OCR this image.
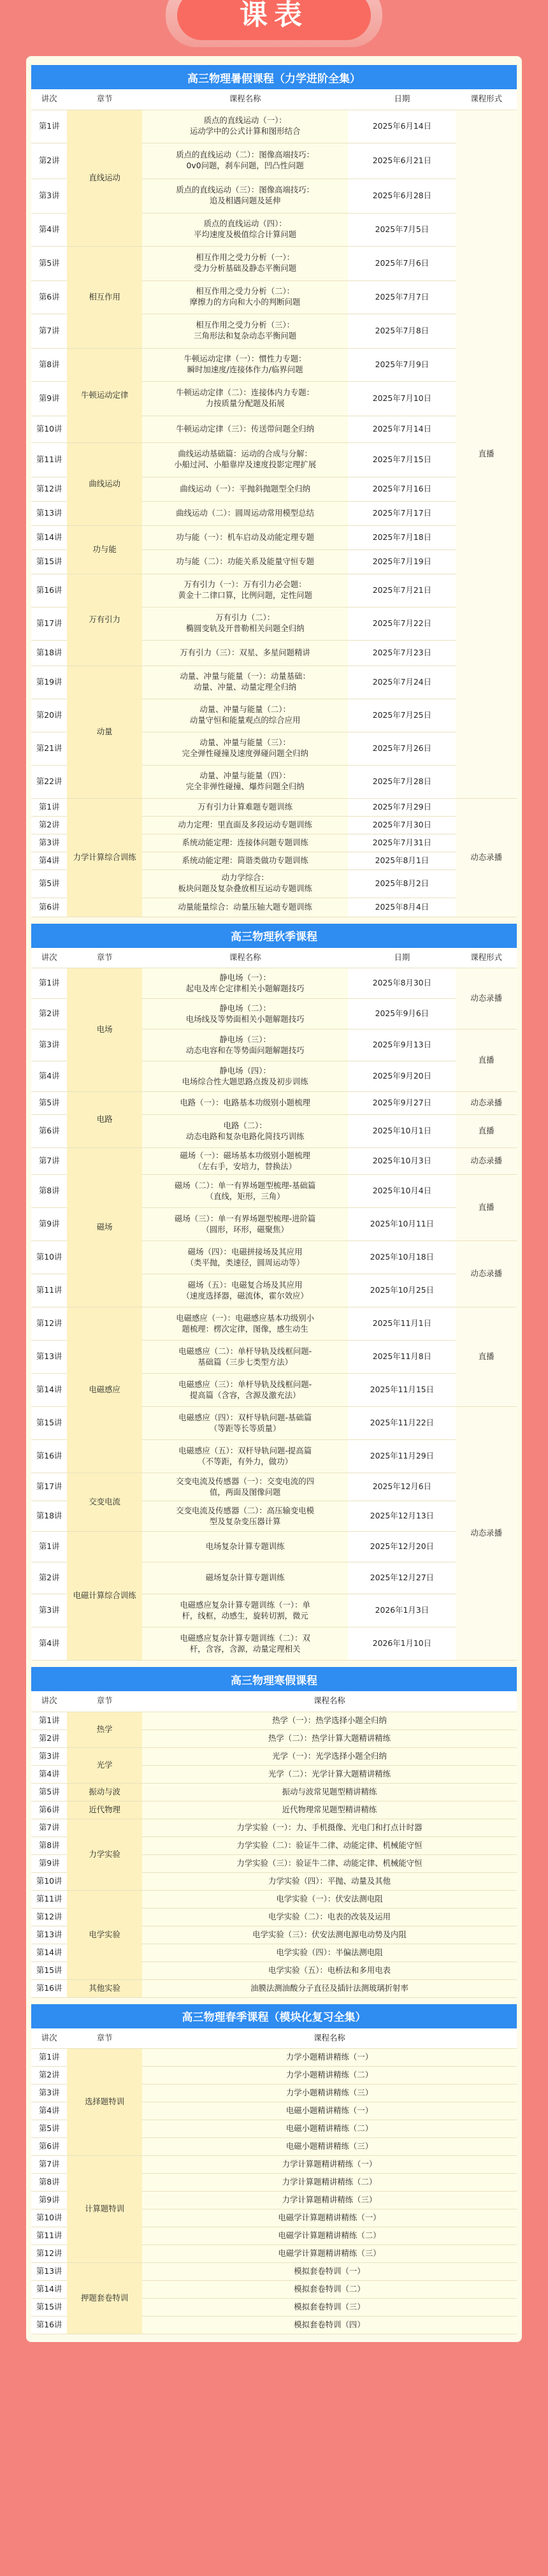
课表
高三物理暑假课程（力学进阶全集）
讲次	章节	课程名称	日期	课程形式
第1讲	直线运动	质点的直线运动（一）：
运动学中的公式计算和图形结合	2025年6月14日	直播
第2讲		质点的直线运动（二）：图像高端技巧：
0v0问题，刹车问题，凹凸性问题	2025年6月21日	
第3讲		质点的直线运动（三）：图像高端技巧：
追及相遇问题及延伸	2025年6月28日	
第4讲		质点的直线运动（四）：
平均速度及极值综合计算问题	2025年7月5日	
第5讲	相互作用	相互作用之受力分析（一）：
受力分析基础及静态平衡问题	2025年7月6日	
第6讲		相互作用之受力分析（二）：
摩擦力的方向和大小的判断问题	2025年7月7日	
第7讲		相互作用之受力分析（三）：
三角形法和复杂动态平衡问题	2025年7月8日	
第8讲	牛顿运动定律	牛顿运动定律（一）：惯性力专题：
瞬时加速度/连接体作力/临界问题	2025年7月9日	
第9讲		牛顿运动定律（二）：连接体内力专题：
力按质量分配题及拓展	2025年7月10日	
第10讲		牛顿运动定律（三）：传送带问题全归纳	2025年7月14日	
第11讲	曲线运动	曲线运动基础篇：运动的合成与分解：
小船过河、小船靠岸及速度投影定理扩展	2025年7月15日	
第12讲		曲线运动（一）：平抛斜抛题型全归纳	2025年7月16日	
第13讲		曲线运动（二）：圆周运动常用模型总结	2025年7月17日	
第14讲	功与能	功与能（一）：机车启动及动能定理专题	2025年7月18日	
第15讲		功与能（二）：功能关系及能量守恒专题	2025年7月19日	
第16讲	万有引力	万有引力（一）：万有引力必会题：
黄金十二律口算，比例问题，定性问题	2025年7月21日	
第17讲		万有引力（二）：
椭圆变轨及开普勒相关问题全归纳	2025年7月22日	
第18讲		万有引力（三）：双星、多星问题精讲	2025年7月23日	
第19讲	动量	动量、冲量与能量（一）：动量基础：
动量、冲量、动量定理全归纳	2025年7月24日	
第20讲		动量、冲量与能量（二）：
动量守恒和能量观点的综合应用	2025年7月25日	
第21讲		动量、冲量与能量（三）：
完全弹性碰撞及速度弹碰问题全归纳	2025年7月26日	
第22讲		动量、冲量与能量（四）：
完全非弹性碰撞、爆炸问题全归纳	2025年7月28日	
第1讲	力学计算综合训练	万有引力计算难题专题训练	2025年7月29日	动态录播
第2讲		动力定理：里直面及多段运动专题训练	2025年7月30日	
第3讲		系统动能定理：连接体问题专题训练	2025年7月31日	
第4讲		系统动能定理：简谐类做功专题训练	2025年8月1日	
第5讲		动力学综合：
板块问题及复杂叠放相互运动专题训练	2025年8月2日	
第6讲		动量能量综合：动量压轴大题专题训练	2025年8月4日	
高三物理秋季课程
讲次	章节	课程名称	日期	课程形式
第1讲	电场	静电场（一）：
起电及库仑定律相关小题解题技巧	2025年8月30日	动态录播
第2讲		静电场（二）：
电场线及等势面相关小题解题技巧	2025年9月6日	
第3讲		静电场（三）：
动态电容和在等势面问题解题技巧	2025年9月13日	直播
第4讲		静电场（四）：
电场综合性大题思路点拨及初步训练	2025年9月20日	
第5讲	电路	电路（一）：电路基本功级别小题梳理	2025年9月27日	动态录播
第6讲		电路（二）：
动态电路和复杂电路化简技巧训练	2025年10月1日	直播
第7讲	磁场	磁场（一）：磁场基本功级别小题梳理
（左右手，安培力，替换法）	2025年10月3日	动态录播
第8讲		磁场（二）：单一有界场题型梳理-基础篇
（直线，矩形，三角）	2025年10月4日	直播
第9讲		磁场（三）：单一有界场题型梳理-进阶篇
（圆形，环形，磁聚焦）	2025年10月11日	
第10讲		磁场（四）：电磁拼接场及其应用
（类平抛，类速径，圆周运动等）	2025年10月18日	动态录播
第11讲		磁场（五）：电磁复合场及其应用
（速度选择器，磁流体，霍尔效应）	2025年10月25日	
第12讲	电磁感应	电磁感应（一）：电磁感应基本功级别小
题梳理：楞次定律，图像，感生动生	2025年11月1日	直播
第13讲		电磁感应（二）：单杆导轨及线框问题-
基础篇（三步七类型方法）	2025年11月8日	
第14讲		电磁感应（三）：单杆导轨及线框问题-
提高篇（含容，含源及激充法）	2025年11月15日	
第15讲		电磁感应（四）：双杆导轨问题-基础篇
（等距等长等质量）	2025年11月22日	动态录播
第16讲		电磁感应（五）：双杆导轨问题-提高篇
（不等距，有外力，做功）	2025年11月29日	
第17讲	交变电流	交变电流及传感器（一）：交变电流的四
值，两面及图像问题	2025年12月6日	
第18讲		交变电流及传感器（二）：高压输变电模
型及复杂变压器计算	2025年12月13日	
第1讲	电磁计算综合训练	电场复杂计算专题训练	2025年12月20日	
第2讲		磁场复杂计算专题训练	2025年12月27日	
第3讲		电磁感应复杂计算专题训练（一）：单
杆，线框，动感生，旋转切割，微元	2026年1月3日	
第4讲		电磁感应复杂计算专题训练（二）：双
杆，含容，含源，动量定理相关	2026年1月10日	
高三物理寒假课程
讲次	章节	课程名称
第1讲	热学	热学（一）：热学选择小题全归纳
第2讲		热学（二）：热学计算大题精讲精练
第3讲	光学	光学（一）：光学选择小题全归纳
第4讲		光学（二）：光学计算大题精讲精练
第5讲	振动与波	振动与波常见题型精讲精练
第6讲	近代物理	近代物理常见题型精讲精练
第7讲	力学实验	力学实验（一）：力、手机摄像、光电门和打点计时器
第8讲		力学实验（二）：验证牛二律、动能定律、机械能守恒
第9讲		力学实验（三）：验证牛二律、动能定律、机械能守恒
第10讲		力学实验（四）：平抛、动量及其他
第11讲	电学实验	电学实验（一）：伏安法测电阻
第12讲		电学实验（二）：电表的改装及运用
第13讲		电学实验（三）：伏安法测电源电动势及内阻
第14讲		电学实验（四）：半偏法测电阻
第15讲		电学实验（五）：电桥法和多用电表
第16讲	其他实验	油膜法测油酸分子直径及插针法测玻璃折射率
高三物理春季课程（模块化复习全集）
讲次	章节	课程名称
第1讲	选择题特训	力学小题精讲精练（一）
第2讲		力学小题精讲精练（二）
第3讲		力学小题精讲精练（三）
第4讲		电磁小题精讲精练（一）
第5讲		电磁小题精讲精练（二）
第6讲		电磁小题精讲精练（三）
第7讲	计算题特训	力学计算题精讲精练（一）
第8讲		力学计算题精讲精练（二）
第9讲		力学计算题精讲精练（三）
第10讲		电磁学计算题精讲精练（一）
第11讲		电磁学计算题精讲精练（二）
第12讲		电磁学计算题精讲精练（三）
第13讲	押题套卷特训	模拟套卷特训（一）
第14讲		模拟套卷特训（二）
第15讲		模拟套卷特训（三）
第16讲		模拟套卷特训（四）
